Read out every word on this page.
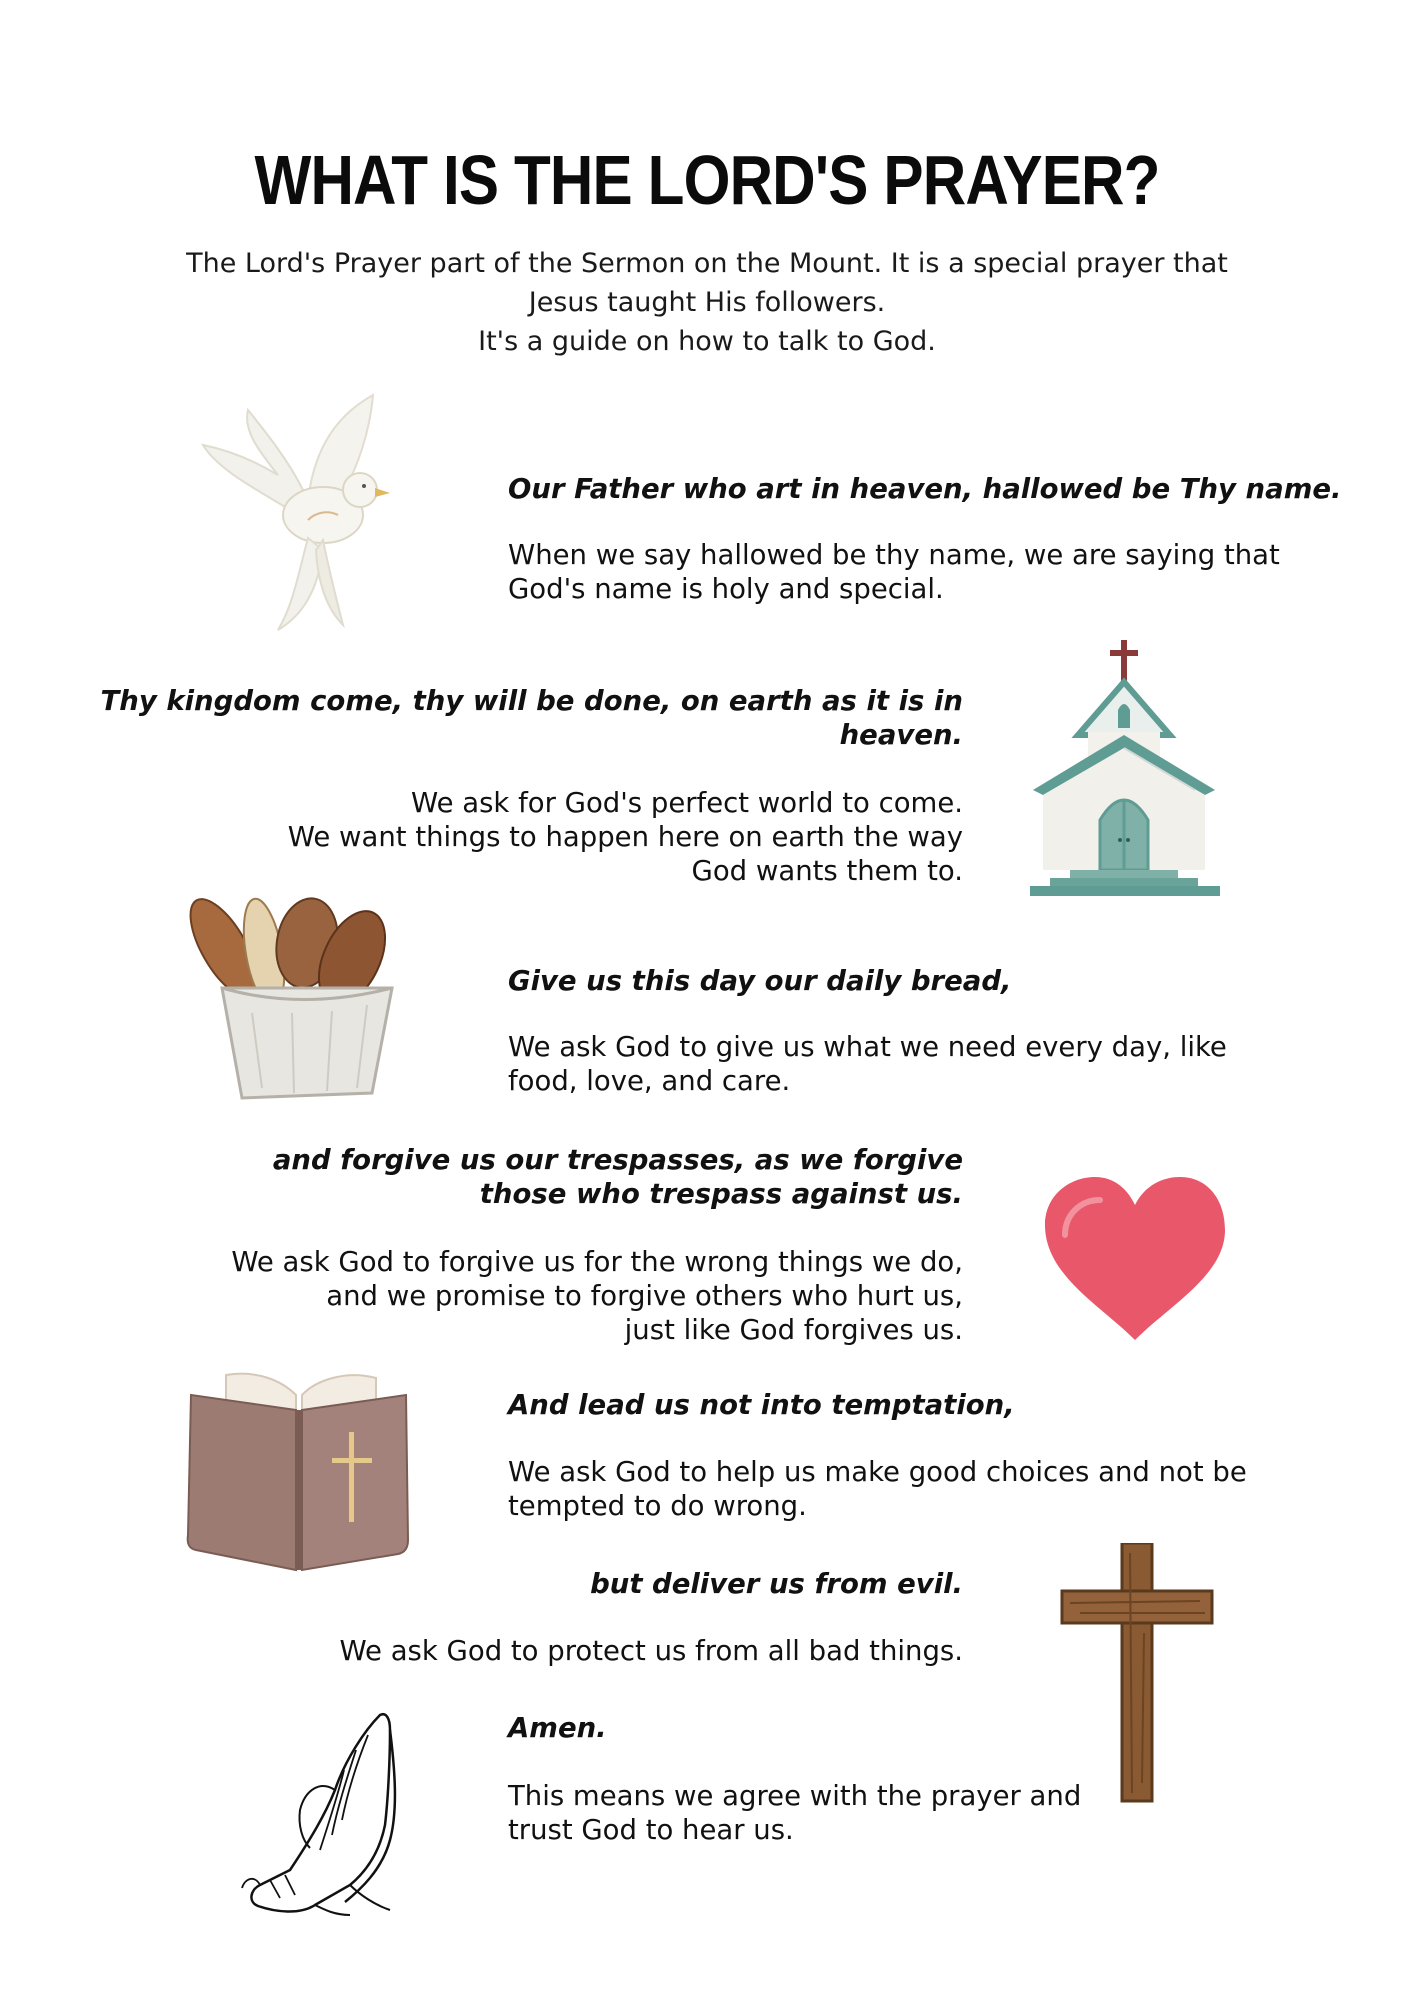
WHAT IS THE LORD'S PRAYER?
The Lord's Prayer part of the Sermon on the Mount. It is a special prayer that
Jesus taught His followers.
It's a guide on how to talk to God.
Our Father who art in heaven, hallowed be Thy name.
When we say hallowed be thy name, we are saying that
God's name is holy and special.
Thy kingdom come, thy will be done, on earth as it is in
heaven.
We ask for God's perfect world to come.
We want things to happen here on earth the way
God wants them to.
Give us this day our daily bread,
We ask God to give us what we need every day, like
food, love, and care.
and forgive us our trespasses, as we forgive
those who trespass against us.
We ask God to forgive us for the wrong things we do,
and we promise to forgive others who hurt us,
just like God forgives us.
And lead us not into temptation,
We ask God to help us make good choices and not be
tempted to do wrong.
but deliver us from evil.
We ask God to protect us from all bad things.
Amen.
This means we agree with the prayer and
trust God to hear us.
